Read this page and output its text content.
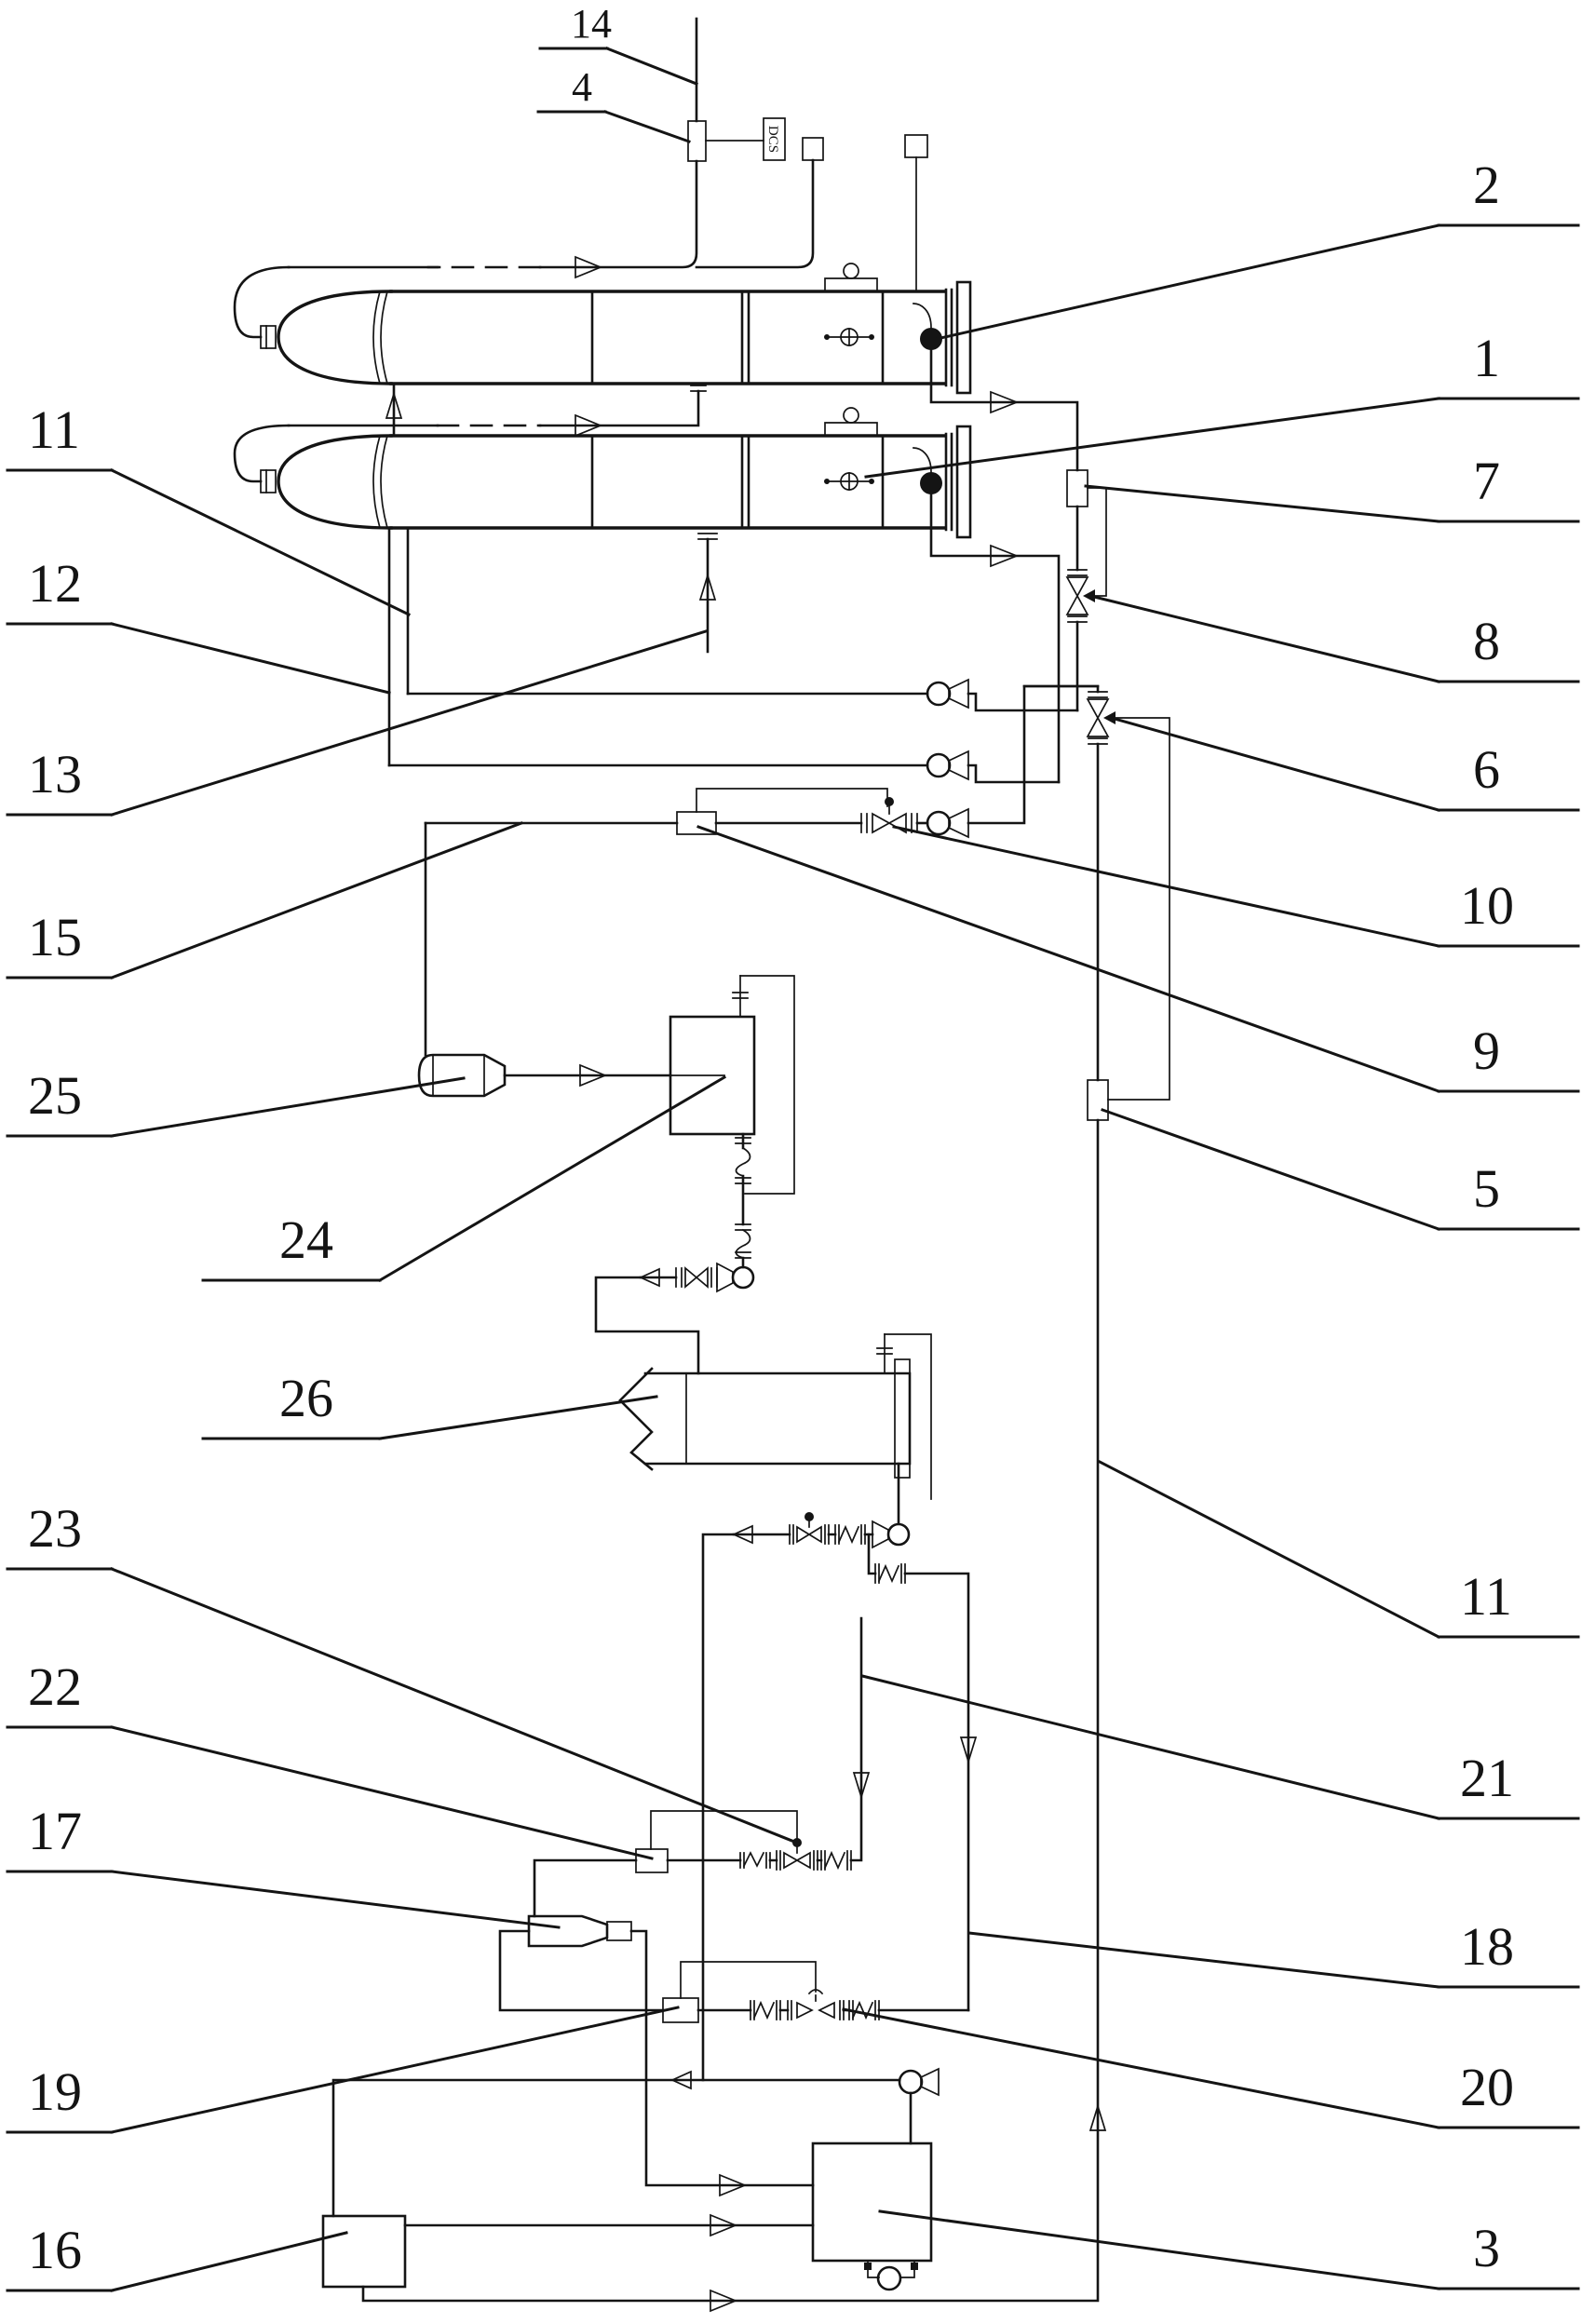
DCS
14
4
2
1
7
8
6
10
9
5
11
21
18
20
3
11
12
13
15
25
24
26
23
22
17
19
16
